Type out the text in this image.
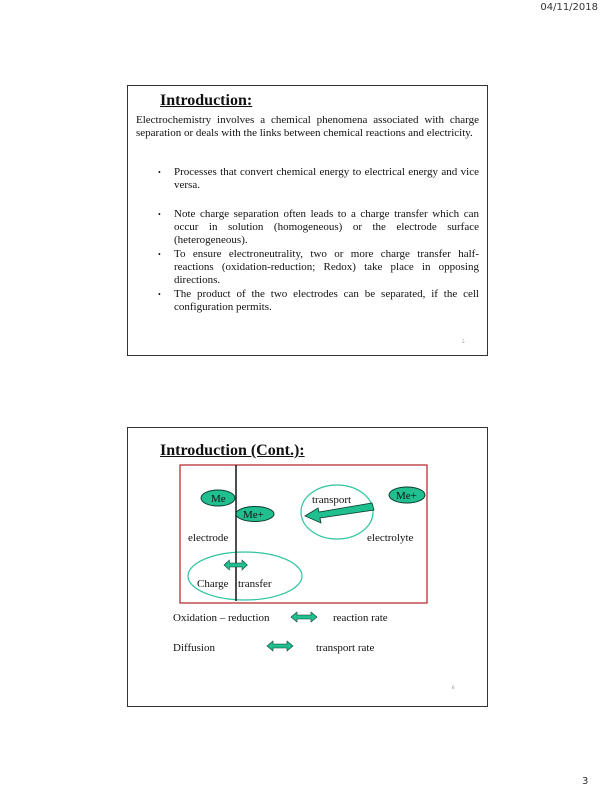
04/11/2018
Introduction:
Electrochemistry involves a chemical phenomena associated with charge separation or deals with the links between chemical reactions and electricity.
• Processes that convert chemical energy to electrical energy and vice versa.
• Note charge separation often leads to a charge transfer which can occur in solution (homogeneous) or the electrode surface (heterogeneous).
• To ensure electroneutrality, two or more charge transfer half-reactions (oxidation-reduction; Redox) take place in opposing directions.
• The product of the two electrodes can be separated, if the cell configuration permits.
5
Introduction (Cont.):
6
Me
Me+
Me+
transport
electrode	electrolyte
Charge transfer
Oxidation – reduction	reaction rate
Diffusion	transport rate
3
